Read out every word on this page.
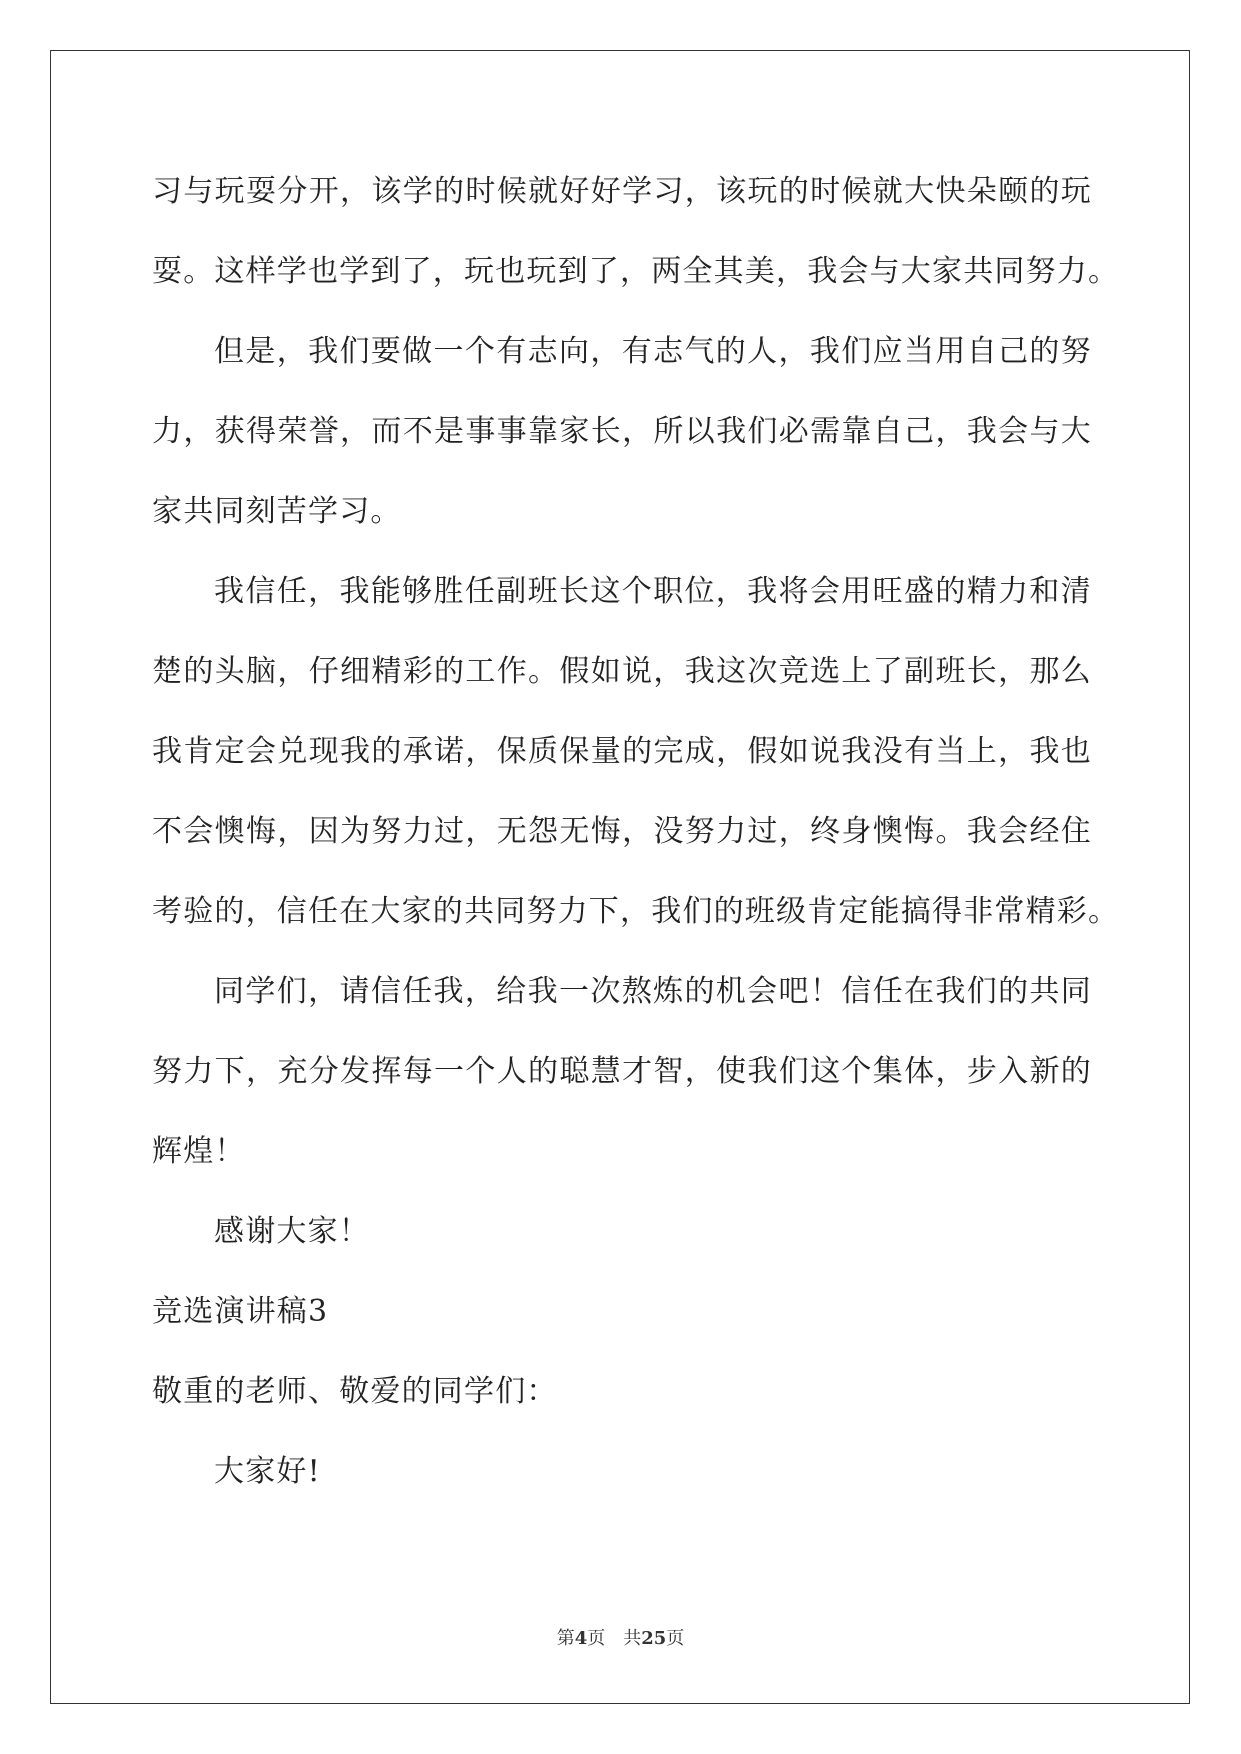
习与玩耍分开，该学的时候就好好学习，该玩的时候就大快朵颐的玩
耍。这样学也学到了，玩也玩到了，两全其美，我会与大家共同努力。
但是，我们要做一个有志向，有志气的人，我们应当用自己的努
力，获得荣誉，而不是事事靠家长，所以我们必需靠自己，我会与大
家共同刻苦学习。
我信任，我能够胜任副班长这个职位，我将会用旺盛的精力和清
楚的头脑，仔细精彩的工作。假如说，我这次竞选上了副班长，那么
我肯定会兑现我的承诺，保质保量的完成，假如说我没有当上，我也
不会懊悔，因为努力过，无怨无悔，没努力过，终身懊悔。我会经住
考验的，信任在大家的共同努力下，我们的班级肯定能搞得非常精彩。
同学们，请信任我，给我一次熬炼的机会吧！信任在我们的共同
努力下，充分发挥每一个人的聪慧才智，使我们这个集体，步入新的
辉煌！
感谢大家！
竞选演讲稿3
敬重的老师、敬爱的同学们：
大家好!
第4页 共25页
